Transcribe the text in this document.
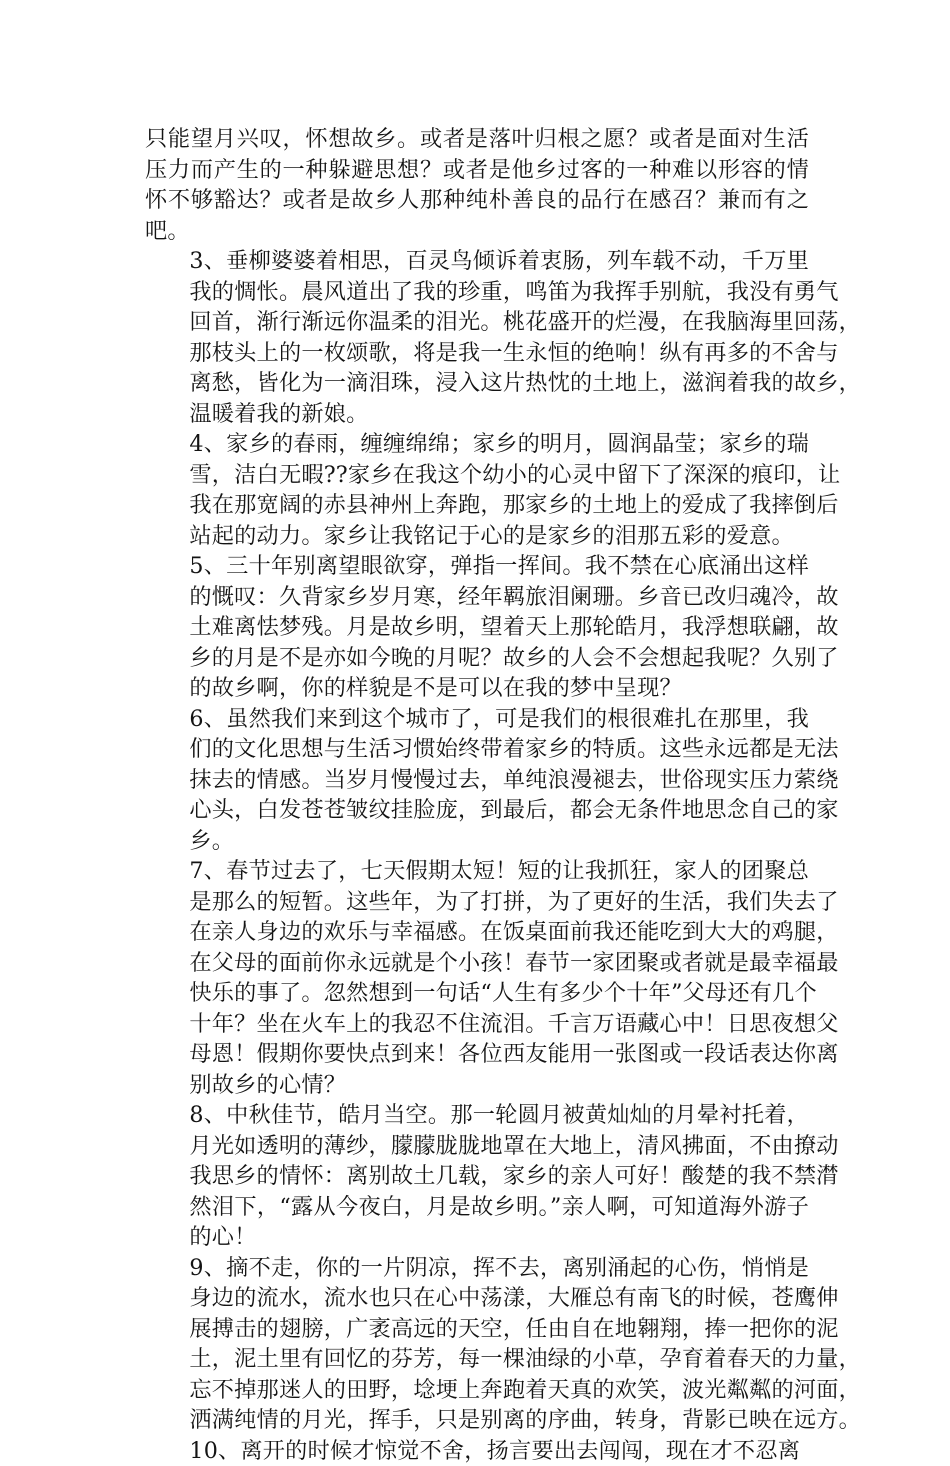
只能望月兴叹，怀想故乡。或者是落叶归根之愿？或者是面对生活
压力而产生的一种躲避思想？或者是他乡过客的一种难以形容的情
怀不够豁达？或者是故乡人那种纯朴善良的品行在感召？兼而有之
吧。
3、垂柳婆婆着相思，百灵鸟倾诉着衷肠，列车载不动，千万里
我的惆怅。晨风道出了我的珍重，鸣笛为我挥手别航，我没有勇气
回首，渐行渐远你温柔的泪光。桃花盛开的烂漫，在我脑海里回荡，
那枝头上的一枚颂歌，将是我一生永恒的绝响！纵有再多的不舍与
离愁，皆化为一滴泪珠，浸入这片热忱的土地上，滋润着我的故乡，
温暖着我的新娘。
4、家乡的春雨，缠缠绵绵；家乡的明月，圆润晶莹；家乡的瑞
雪，洁白无暇??家乡在我这个幼小的心灵中留下了深深的痕印，让
我在那宽阔的赤县神州上奔跑，那家乡的土地上的爱成了我摔倒后
站起的动力。家乡让我铭记于心的是家乡的泪那五彩的爱意。
5、三十年别离望眼欲穿，弹指一挥间。我不禁在心底涌出这样
的慨叹：久背家乡岁月寒，经年羁旅泪阑珊。乡音已改归魂冷，故
土难离怯梦残。月是故乡明，望着天上那轮皓月，我浮想联翩，故
乡的月是不是亦如今晚的月呢？故乡的人会不会想起我呢？久别了
的故乡啊，你的样貌是不是可以在我的梦中呈现？
6、虽然我们来到这个城市了，可是我们的根很难扎在那里，我
们的文化思想与生活习惯始终带着家乡的特质。这些永远都是无法
抹去的情感。当岁月慢慢过去，单纯浪漫褪去，世俗现实压力萦绕
心头，白发苍苍皱纹挂脸庞，到最后，都会无条件地思念自己的家
乡。
7、春节过去了，七天假期太短！短的让我抓狂，家人的团聚总
是那么的短暂。这些年，为了打拼，为了更好的生活，我们失去了
在亲人身边的欢乐与幸福感。在饭桌面前我还能吃到大大的鸡腿，
在父母的面前你永远就是个小孩！春节一家团聚或者就是最幸福最
快乐的事了。忽然想到一句话“人生有多少个十年”父母还有几个
十年？坐在火车上的我忍不住流泪。千言万语藏心中！日思夜想父
母恩！假期你要快点到来！各位西友能用一张图或一段话表达你离
别故乡的心情？
8、中秋佳节，皓月当空。那一轮圆月被黄灿灿的月晕衬托着，
月光如透明的薄纱，朦朦胧胧地罩在大地上，清风拂面，不由撩动
我思乡的情怀：离别故土几载，家乡的亲人可好！酸楚的我不禁潸
然泪下，“露从今夜白，月是故乡明。”亲人啊，可知道海外游子
的心！
9、摘不走，你的一片阴凉，挥不去，离别涌起的心伤，悄悄是
身边的流水，流水也只在心中荡漾，大雁总有南飞的时候，苍鹰伸
展搏击的翅膀，广袤高远的天空，任由自在地翱翔，捧一把你的泥
土，泥土里有回忆的芬芳，每一棵油绿的小草，孕育着春天的力量，
忘不掉那迷人的田野，埝埂上奔跑着天真的欢笑，波光粼粼的河面，
洒满纯情的月光，挥手，只是别离的序曲，转身，背影已映在远方。
10、离开的时候才惊觉不舍，扬言要出去闯闯，现在才不忍离
